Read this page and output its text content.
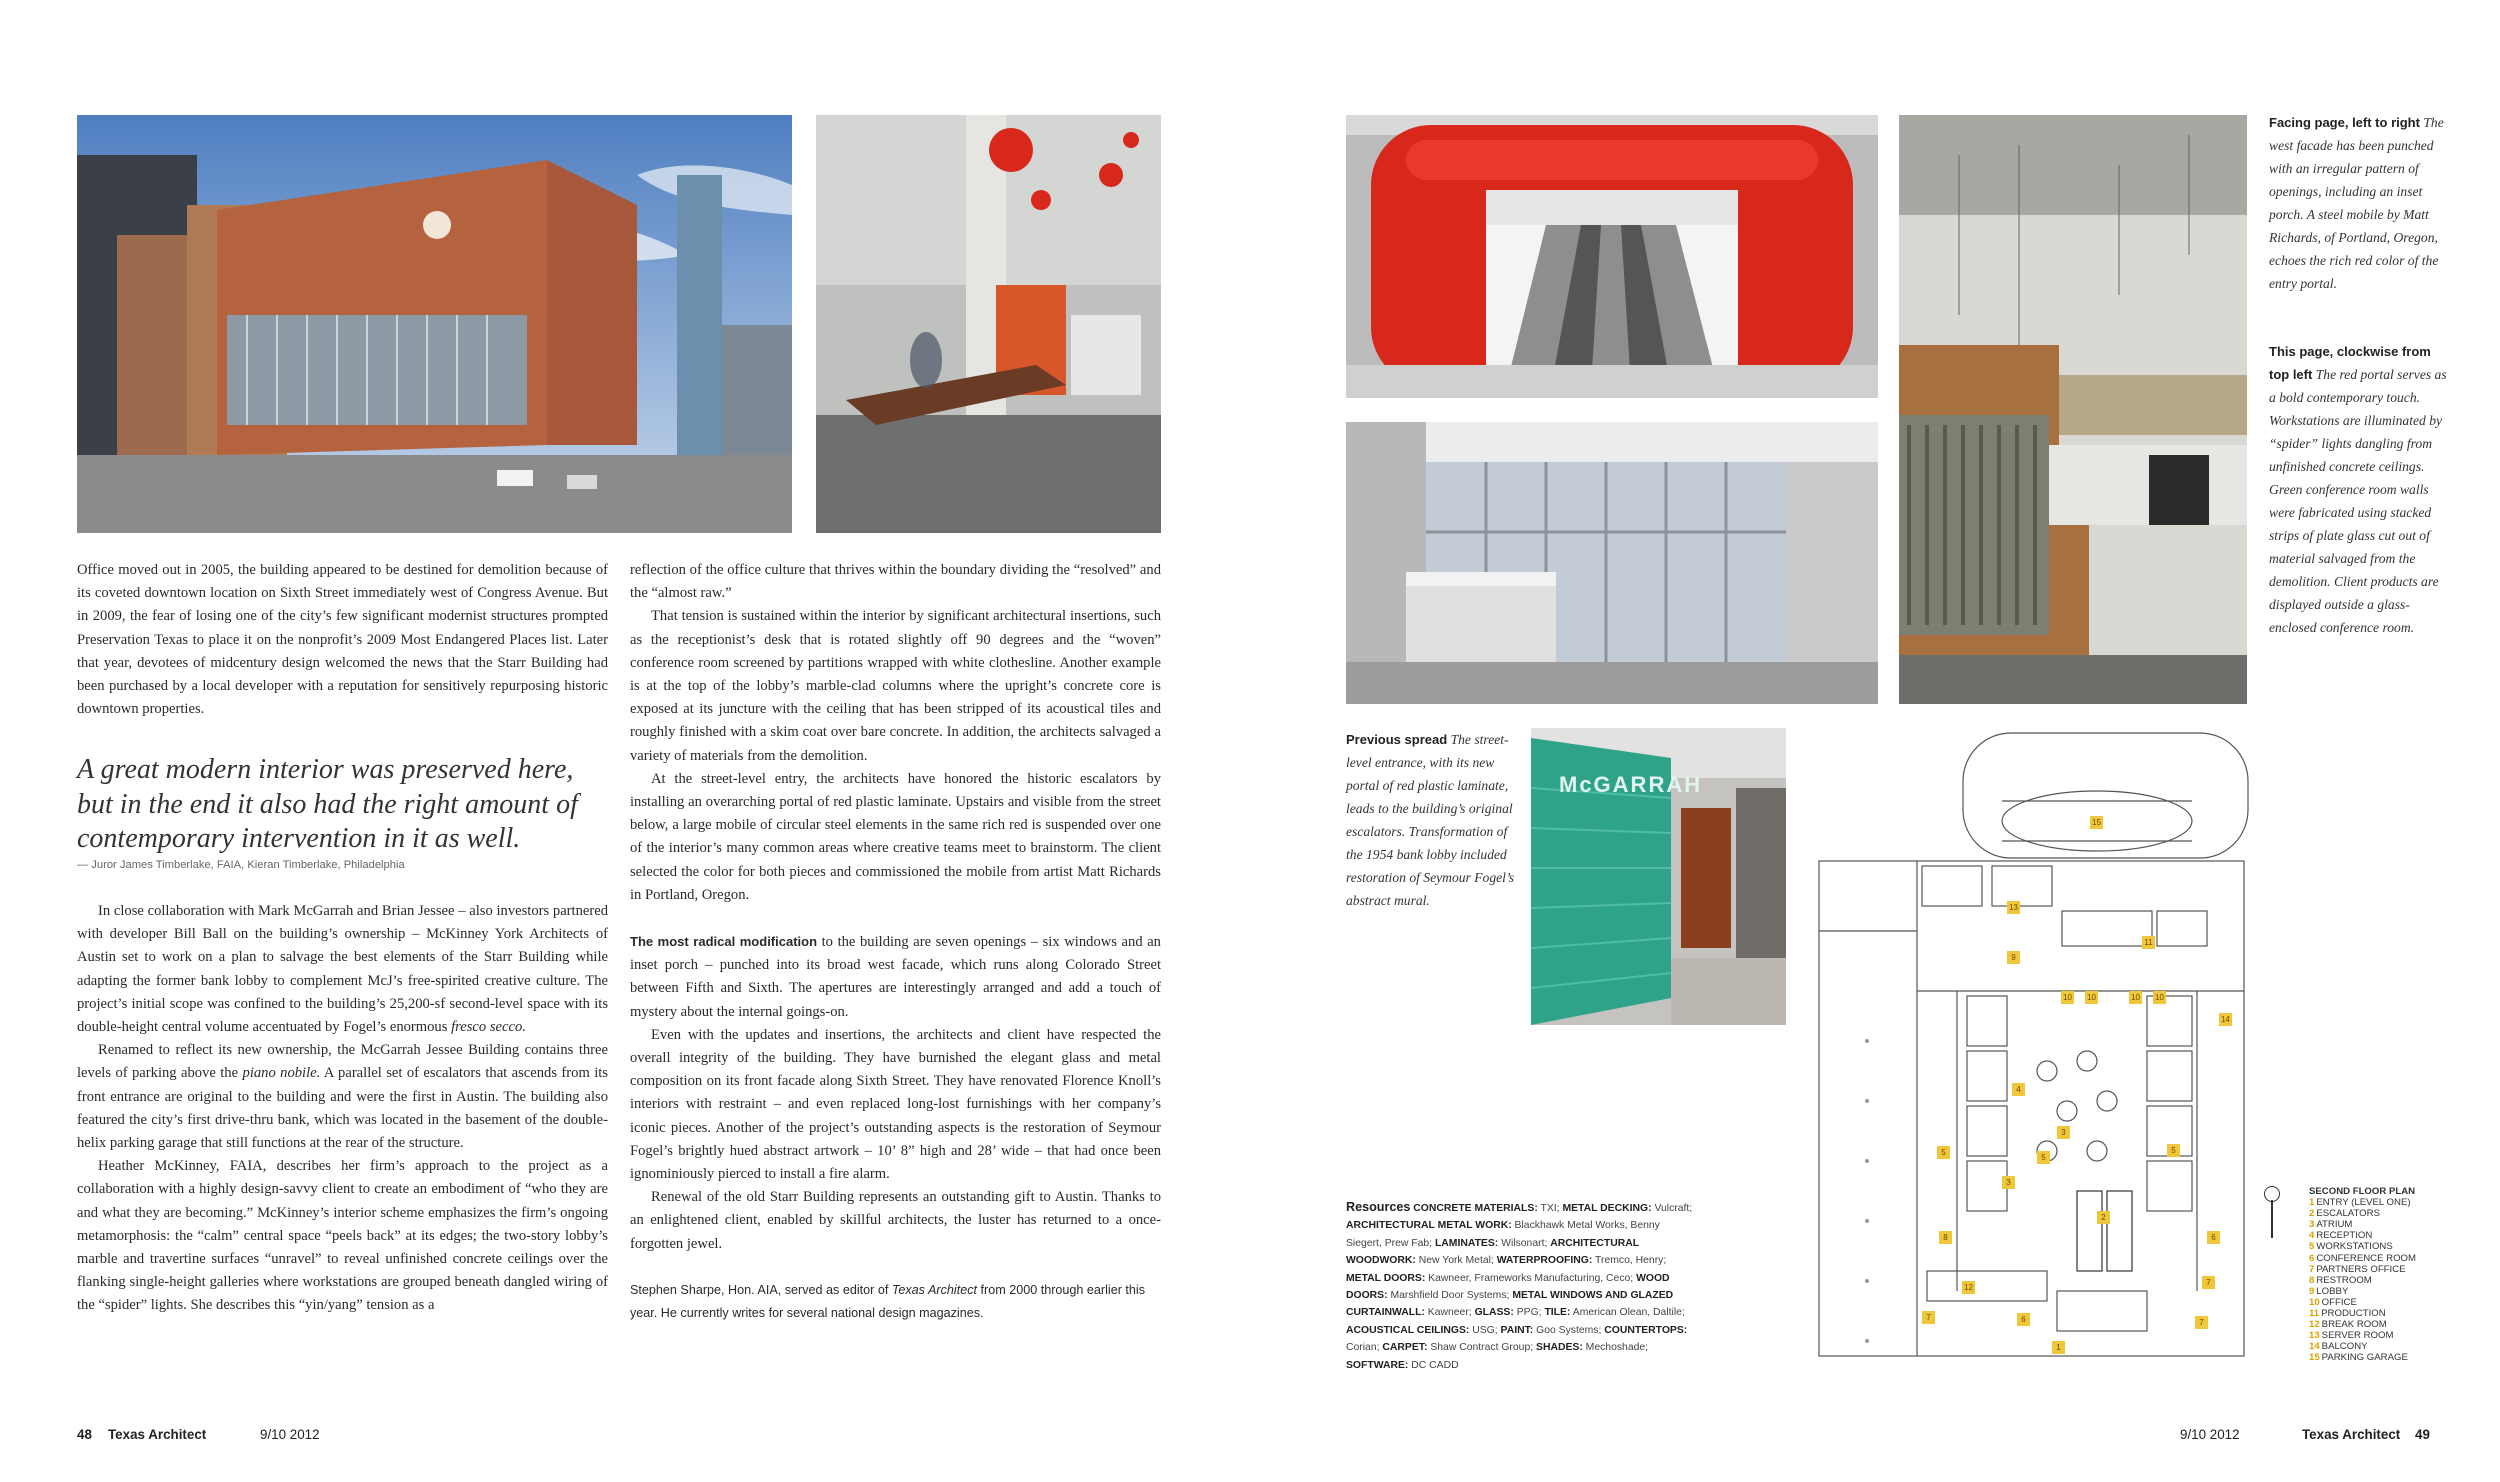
Office moved out in 2005, the building appeared to be destined for demolition because of its coveted downtown location on Sixth Street immediately west of Congress Avenue. But in 2009, the fear of losing one of the city’s few significant modernist structures prompted Preservation Texas to place it on the nonprofit’s 2009 Most Endangered Places list. Later that year, devotees of midcentury design welcomed the news that the Starr Building had been purchased by a local developer with a reputation for sensitively repurposing historic downtown properties.

A great modern interior was preserved here, but in the end it also had the right amount of contemporary intervention in it as well.
— Juror James Timberlake, FAIA, Kieran Timberlake, Philadelphia

In close collaboration with Mark McGarrah and Brian Jessee – also investors partnered with developer Bill Ball on the building’s ownership – McKinney York Architects of Austin set to work on a plan to salvage the best elements of the Starr Building while adapting the former bank lobby to complement McJ’s free-spirited creative culture. The project’s initial scope was confined to the building’s 25,200-sf second-level space with its double-height central volume accentuated by Fogel’s enormous fresco secco.

Renamed to reflect its new ownership, the McGarrah Jessee Building contains three levels of parking above the piano nobile. A parallel set of escalators that ascends from its front entrance are original to the building and were the first in Austin. The building also featured the city’s first drive-thru bank, which was located in the basement of the double-helix parking garage that still functions at the rear of the structure.

Heather McKinney, FAIA, describes her firm’s approach to the project as a collaboration with a highly design-savvy client to create an embodiment of “who they are and what they are becoming.” McKinney’s interior scheme emphasizes the firm’s ongoing metamorphosis: the “calm” central space “peels back” at its edges; the two-story lobby’s marble and travertine surfaces “unravel” to reveal unfinished concrete ceilings over the flanking single-height galleries where workstations are grouped beneath dangled wiring of the “spider” lights. She describes this “yin/yang” tension as a

reflection of the office culture that thrives within the boundary dividing the “resolved” and the “almost raw.”

That tension is sustained within the interior by significant architectural insertions, such as the receptionist’s desk that is rotated slightly off 90 degrees and the “woven” conference room screened by partitions wrapped with white clothesline. Another example is at the top of the lobby’s marble-clad columns where the upright’s concrete core is exposed at its juncture with the ceiling that has been stripped of its acoustical tiles and roughly finished with a skim coat over bare concrete. In addition, the architects salvaged a variety of materials from the demolition.

At the street-level entry, the architects have honored the historic escalators by installing an overarching portal of red plastic laminate. Upstairs and visible from the street below, a large mobile of circular steel elements in the same rich red is suspended over one of the interior’s many common areas where creative teams meet to brainstorm. The client selected the color for both pieces and commissioned the mobile from artist Matt Richards in Portland, Oregon.

The most radical modification to the building are seven openings – six windows and an inset porch – punched into its broad west facade, which runs along Colorado Street between Fifth and Sixth. The apertures are interestingly arranged and add a touch of mystery about the internal goings-on.

Even with the updates and insertions, the architects and client have respected the overall integrity of the building. They have burnished the elegant glass and metal composition on its front facade along Sixth Street. They have renovated Florence Knoll’s interiors with restraint – and even replaced long-lost furnishings with her company’s iconic pieces. Another of the project’s outstanding aspects is the restoration of Seymour Fogel’s brightly hued abstract artwork – 10’ 8” high and 28’ wide – that had once been ignominiously pierced to install a fire alarm.

Renewal of the old Starr Building represents an outstanding gift to Austin. Thanks to an enlightened client, enabled by skillful architects, the luster has returned to a once-forgotten jewel.

Stephen Sharpe, Hon. AIA, served as editor of Texas Architect from 2000 through earlier this year. He currently writes for several national design magazines.

48 Texas Architect	9/10 2012
McGARRAH
1
2
3
4
5
5	5
6
7
7
8
9
10 10	10 10
11
12
13
14
15
3
7
6
SECOND FLOOR PLAN
1 ENTRY (LEVEL ONE)
2 ESCALATORS
3 ATRIUM
4 RECEPTION
5 WORKSTATIONS
6 CONFERENCE ROOM
7 PARTNERS OFFICE
8 RESTROOM
9 LOBBY
10 OFFICE
11 PRODUCTION
12 BREAK ROOM
13 SERVER ROOM
14 BALCONY
15 PARKING GARAGE
Facing page, left to right The west facade has been punched with an irregular pattern of openings, including an inset porch. A steel mobile by Matt Richards, of Portland, Oregon, echoes the rich red color of the entry portal.
This page, clockwise from top left The red portal serves as a bold contemporary touch. Workstations are illuminated by “spider” lights dangling from unfinished concrete ceilings. Green conference room walls were fabricated using stacked strips of plate glass cut out of material salvaged from the demolition. Client products are displayed outside a glass-enclosed conference room.
Previous spread The street-level entrance, with its new portal of red plastic laminate, leads to the building’s original escalators. Transformation of the 1954 bank lobby included restoration of Seymour Fogel’s abstract mural.
Resources CONCRETE MATERIALS: TXI; METAL DECKING: Vulcraft; ARCHITECTURAL METAL WORK: Blackhawk Metal Works, Benny Siegert, Prew Fab; LAMINATES: Wilsonart; ARCHITECTURAL WOODWORK: New York Metal; WATERPROOFING: Tremco, Henry; METAL DOORS: Kawneer, Frameworks Manufacturing, Ceco; WOOD DOORS: Marshfield Door Systems; METAL WINDOWS AND GLAZED CURTAINWALL: Kawneer; GLASS: PPG; TILE: American Olean, Daltile; ACOUSTICAL CEILINGS: USG; PAINT: Goo Systems; COUNTERTOPS: Corian; CARPET: Shaw Contract Group; SHADES: Mechoshade; SOFTWARE: DC CADD
9/10 2012	Texas Architect 49
